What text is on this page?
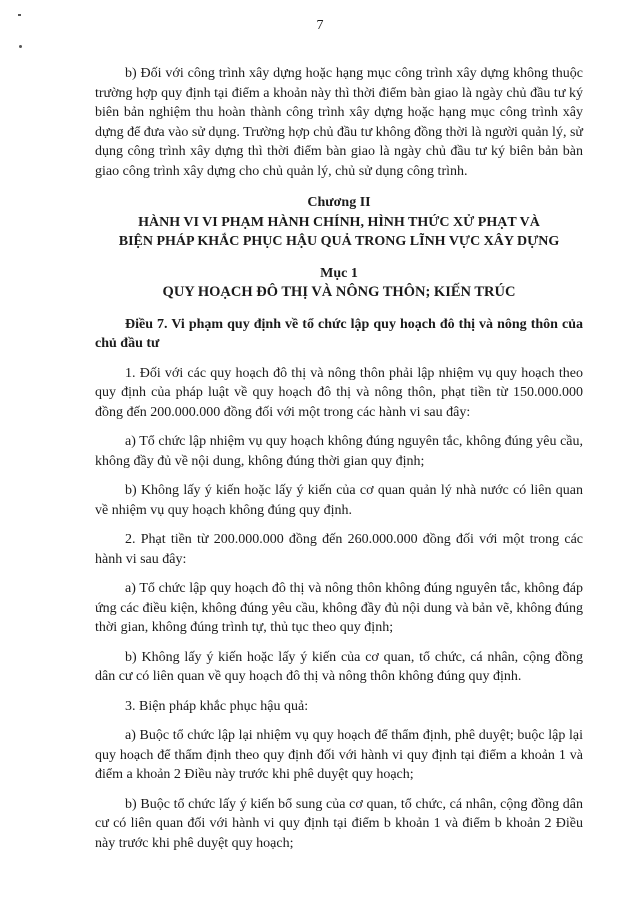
7

b) Đối với công trình xây dựng hoặc hạng mục công trình xây dựng không thuộc trường hợp quy định tại điểm a khoản này thì thời điểm bàn giao là ngày chủ đầu tư ký biên bản nghiệm thu hoàn thành công trình xây dựng hoặc hạng mục công trình xây dựng để đưa vào sử dụng. Trường hợp chủ đầu tư không đồng thời là người quản lý, sử dụng công trình xây dựng thì thời điểm bàn giao là ngày chủ đầu tư ký biên bản bàn giao công trình xây dựng cho chủ quản lý, chủ sử dụng công trình.

Chương II

HÀNH VI VI PHẠM HÀNH CHÍNH, HÌNH THỨC XỬ PHẠT VÀ

BIỆN PHÁP KHẮC PHỤC HẬU QUẢ TRONG LĨNH VỰC XÂY DỰNG

Mục 1

QUY HOẠCH ĐÔ THỊ VÀ NÔNG THÔN; KIẾN TRÚC

Điều 7. Vi phạm quy định về tổ chức lập quy hoạch đô thị và nông thôn của chủ đầu tư

1. Đối với các quy hoạch đô thị và nông thôn phải lập nhiệm vụ quy hoạch theo quy định của pháp luật về quy hoạch đô thị và nông thôn, phạt tiền từ 150.000.000 đồng đến 200.000.000 đồng đối với một trong các hành vi sau đây:

a) Tổ chức lập nhiệm vụ quy hoạch không đúng nguyên tắc, không đúng yêu cầu, không đầy đủ về nội dung, không đúng thời gian quy định;

b) Không lấy ý kiến hoặc lấy ý kiến của cơ quan quản lý nhà nước có liên quan về nhiệm vụ quy hoạch không đúng quy định.

2. Phạt tiền từ 200.000.000 đồng đến 260.000.000 đồng đối với một trong các hành vi sau đây:

a) Tổ chức lập quy hoạch đô thị và nông thôn không đúng nguyên tắc, không đáp ứng các điều kiện, không đúng yêu cầu, không đầy đủ nội dung và bản vẽ, không đúng thời gian, không đúng trình tự, thủ tục theo quy định;

b) Không lấy ý kiến hoặc lấy ý kiến của cơ quan, tổ chức, cá nhân, cộng đồng dân cư có liên quan về quy hoạch đô thị và nông thôn không đúng quy định.

3. Biện pháp khắc phục hậu quả:

a) Buộc tổ chức lập lại nhiệm vụ quy hoạch để thẩm định, phê duyệt; buộc lập lại quy hoạch để thẩm định theo quy định đối với hành vi quy định tại điểm a khoản 1 và điểm a khoản 2 Điều này trước khi phê duyệt quy hoạch;

b) Buộc tổ chức lấy ý kiến bổ sung của cơ quan, tổ chức, cá nhân, cộng đồng dân cư có liên quan đối với hành vi quy định tại điểm b khoản 1 và điểm b khoản 2 Điều này trước khi phê duyệt quy hoạch;
